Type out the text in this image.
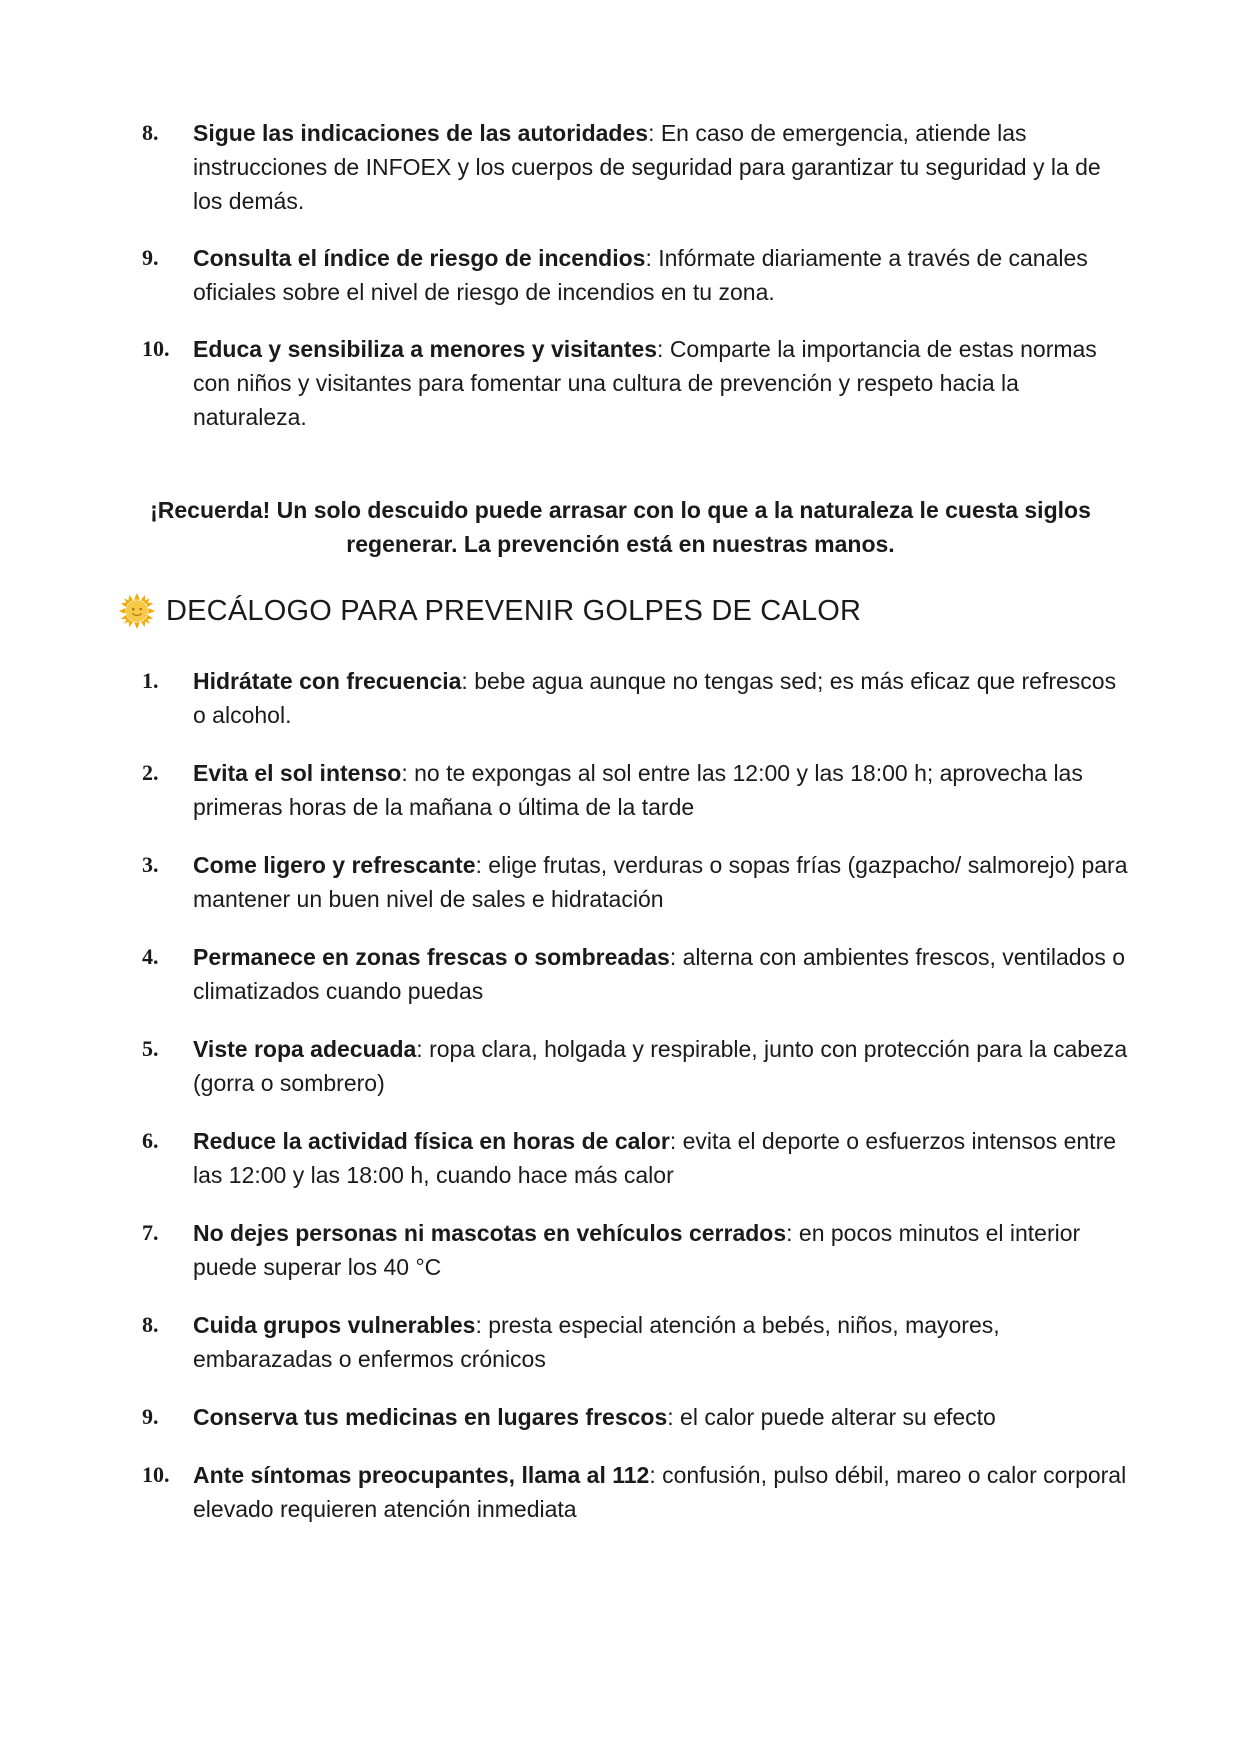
8. Sigue las indicaciones de las autoridades: En caso de emergencia, atiende las instrucciones de INFOEX y los cuerpos de seguridad para garantizar tu seguridad y la de los demás.
9. Consulta el índice de riesgo de incendios: Infórmate diariamente a través de canales oficiales sobre el nivel de riesgo de incendios en tu zona.
10. Educa y sensibiliza a menores y visitantes: Comparte la importancia de estas normas con niños y visitantes para fomentar una cultura de prevención y respeto hacia la naturaleza.

¡Recuerda! Un solo descuido puede arrasar con lo que a la naturaleza le cuesta siglos regenerar. La prevención está en nuestras manos.

DECÁLOGO PARA PREVENIR GOLPES DE CALOR
1. Hidrátate con frecuencia: bebe agua aunque no tengas sed; es más eficaz que refrescos o alcohol.
2. Evita el sol intenso: no te expongas al sol entre las 12:00 y las 18:00 h; aprovecha las primeras horas de la mañana o última de la tarde
3. Come ligero y refrescante: elige frutas, verduras o sopas frías (gazpacho/ salmorejo) para mantener un buen nivel de sales e hidratación
4. Permanece en zonas frescas o sombreadas: alterna con ambientes frescos, ventilados o climatizados cuando puedas
5. Viste ropa adecuada: ropa clara, holgada y respirable, junto con protección para la cabeza (gorra o sombrero)
6. Reduce la actividad física en horas de calor: evita el deporte o esfuerzos intensos entre las 12:00 y las 18:00 h, cuando hace más calor
7. No dejes personas ni mascotas en vehículos cerrados: en pocos minutos el interior puede superar los 40 °C
8. Cuida grupos vulnerables: presta especial atención a bebés, niños, mayores, embarazadas o enfermos crónicos
9. Conserva tus medicinas en lugares frescos: el calor puede alterar su efecto
10. Ante síntomas preocupantes, llama al 112: confusión, pulso débil, mareo o calor corporal elevado requieren atención inmediata
